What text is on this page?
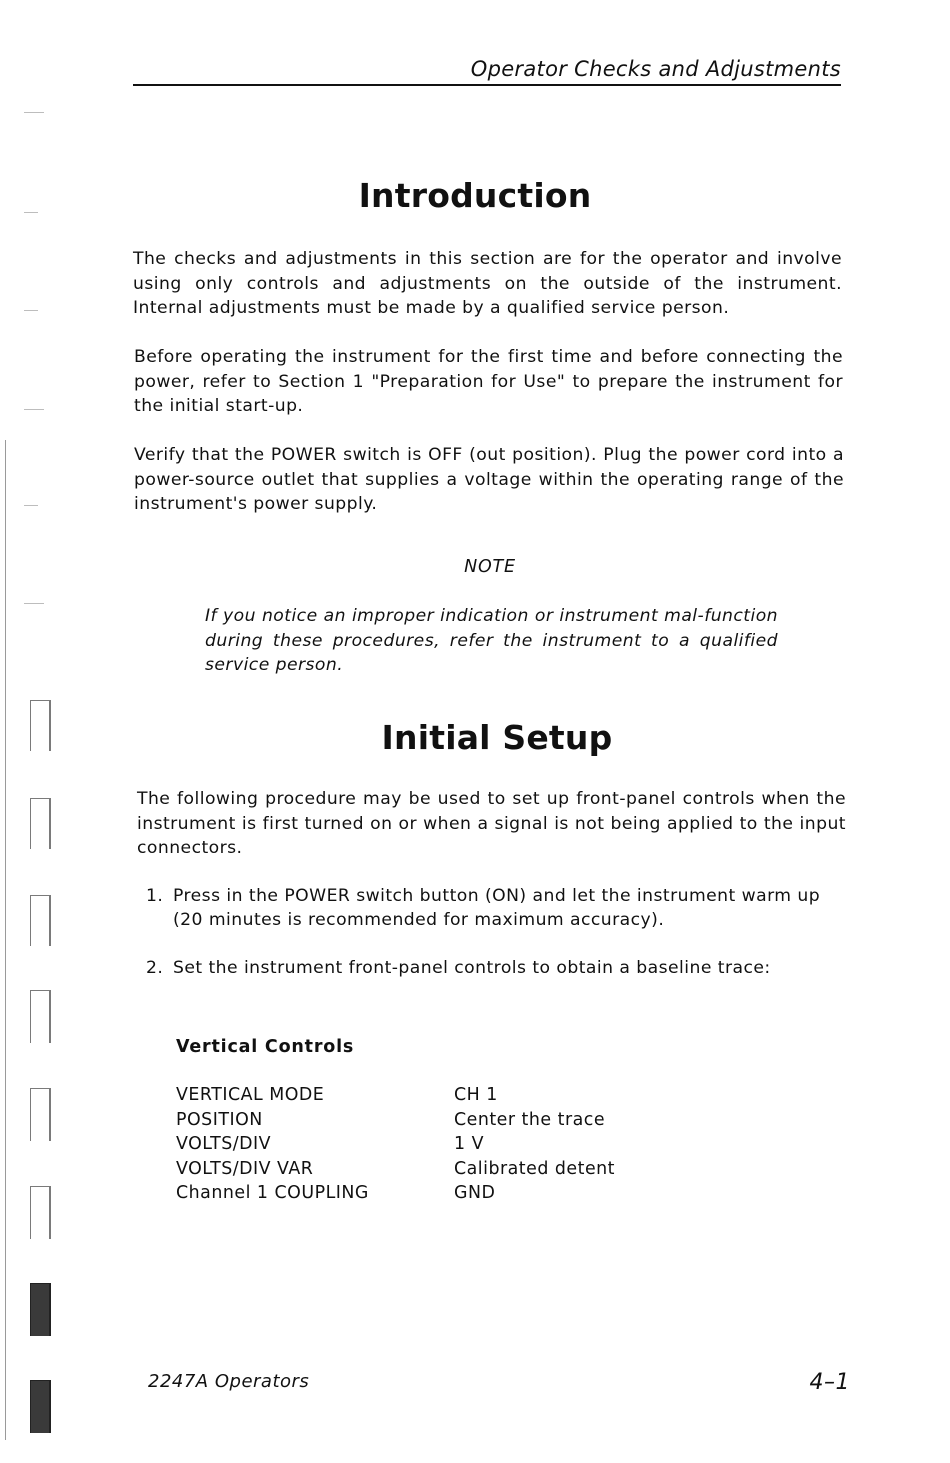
Operator Checks and Adjustments
Introduction

The checks and adjustments in this section are for the operator and involve using only controls and adjustments on the outside of the instrument. Internal adjustments must be made by a qualified service person.

Before operating the instrument for the first time and before connecting the power, refer to Section 1 "Preparation for Use" to prepare the instrument for the initial start-up.

Verify that the POWER switch is OFF (out position). Plug the power cord into a power-source outlet that supplies a voltage within the operating range of the instrument's power supply.

NOTE

If you notice an improper indication or instrument mal-function during these procedures, refer the instrument to a qualified service person.

Initial Setup

The following procedure may be used to set up front-panel controls when the instrument is first turned on or when a signal is not being applied to the input connectors.

1. Press in the POWER switch button (ON) and let the instrument warm up
(20 minutes is recommended for maximum accuracy).
2. Set the instrument front-panel controls to obtain a baseline trace:
Vertical Controls
VERTICAL MODE	CH 1
POSITION	Center the trace
VOLTS/DIV	1 V
VOLTS/DIV VAR	Calibrated detent
Channel 1 COUPLING	GND
2247A Operators	4–1
